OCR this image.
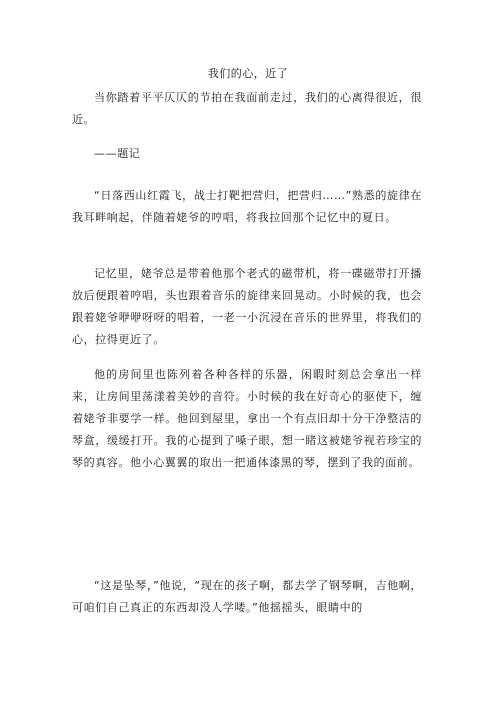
我们的心，近了

当你踏着平平仄仄的节拍在我面前走过，我们的心离得很近，很近。

——题记

“日落西山红霞飞，战士打靶把营归，把营归……”熟悉的旋律在我耳畔响起，伴随着姥爷的哼唱，将我拉回那个记忆中的夏日。

记忆里，姥爷总是带着他那个老式的磁带机，将一碟磁带打开播放后便跟着哼唱，头也跟着音乐的旋律来回晃动。小时候的我，也会跟着姥爷咿咿呀呀的唱着，一老一小沉浸在音乐的世界里，将我们的心，拉得更近了。

他的房间里也陈列着各种各样的乐器，闲暇时刻总会拿出一样来，让房间里荡漾着美妙的音符。小时候的我在好奇心的驱使下，缠着姥爷非要学一样。他回到屋里，拿出一个有点旧却十分干净整洁的琴盒，缓缓打开。我的心提到了嗓子眼，想一睹这被姥爷视若珍宝的琴的真容。他小心翼翼的取出一把通体漆黑的琴，摆到了我的面前。

“这是坠琴，”他说，“现在的孩子啊，都去学了钢琴啊，吉他啊，可咱们自己真正的东西却没人学喽。”他摇摇头，眼睛中的
